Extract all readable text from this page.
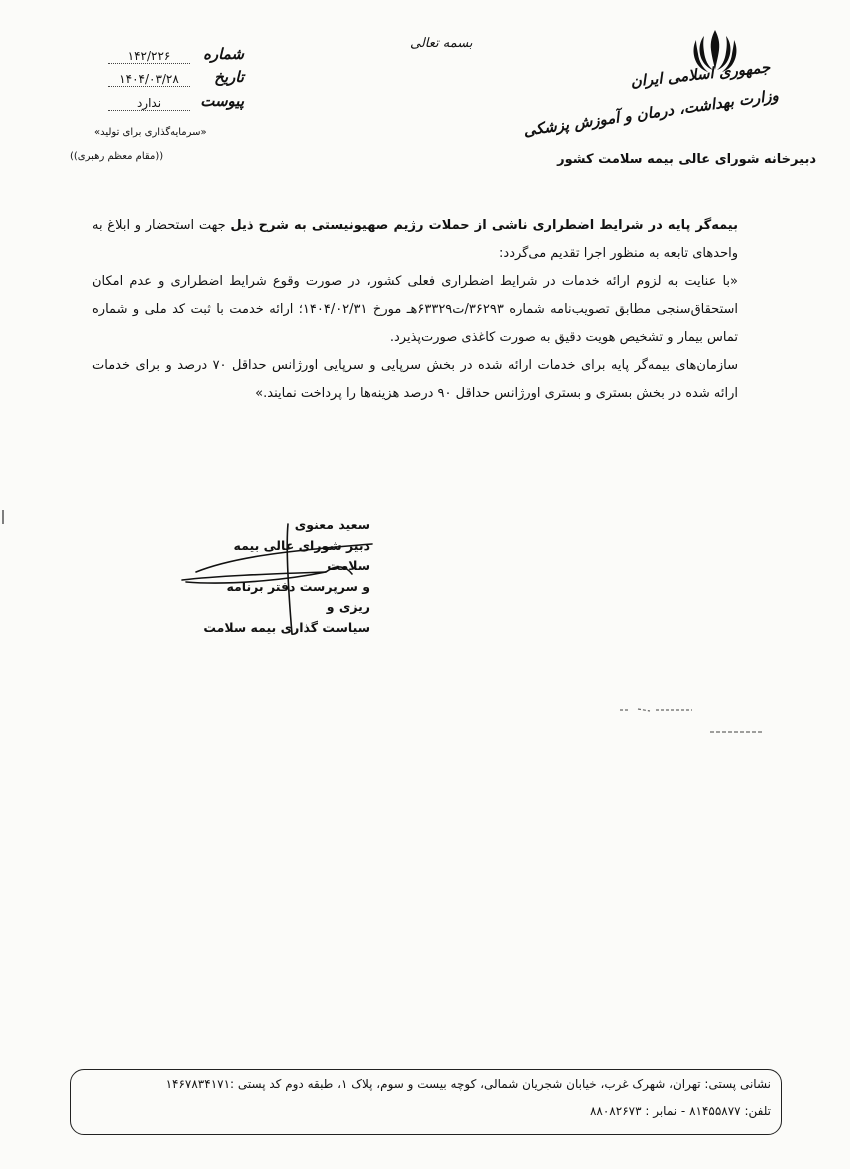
بسمه تعالی
جمهوری اسلامی ایران
وزارت بهداشت، درمان و آموزش پزشکی
دبیرخانه شورای عالی بیمه سلامت کشور
شماره
۱۴۲/۲۲۶
تاریخ
۱۴۰۴/۰۳/۲۸
پیوست
ندارد
«سرمایه‌گذاری برای تولید»
((مقام معظم رهبری))

بیمه‌گر پایه در شرایط اضطراری ناشی از حملات رژیم صهیونیستی به شرح ذیل جهت استحضار و ابلاغ به واحدهای تابعه به منظور اجرا تقدیم می‌گردد:

«با عنایت به لزوم ارائه خدمات در شرایط اضطراری فعلی کشور، در صورت وقوع شرایط اضطراری و عدم امکان استحقاق‌سنجی مطابق تصویب‌نامه شماره ۳۶۲۹۳/ت۶۳۳۲۹هـ مورخ ۱۴۰۴/۰۲/۳۱؛ ارائه خدمت با ثبت کد ملی و شماره تماس بیمار و تشخیص هویت دقیق به صورت کاغذی صورت‌پذیرد.

سازمان‌های بیمه‌گر پایه برای خدمات ارائه شده در بخش سرپایی و سرپایی اورژانس حداقل ۷۰ درصد و برای خدمات ارائه شده در بخش بستری و بستری اورژانس حداقل ۹۰ درصد هزینه‌ها را پرداخت نمایند.»

سعید معنوی
دبیر شورای عالی بیمه سلامت
و سرپرست دفتر برنامه ریزی و
سیاست گذاری بیمه سلامت
نشانی پستی: تهران، شهرک غرب، خیابان شجریان شمالی، کوچه بیست و سوم، پلاک ۱، طبقه دوم کد پستی :۱۴۶۷۸۳۴۱۷۱
تلفن: ۸۱۴۵۵۸۷۷ - نمابر : ۸۸۰۸۲۶۷۳
